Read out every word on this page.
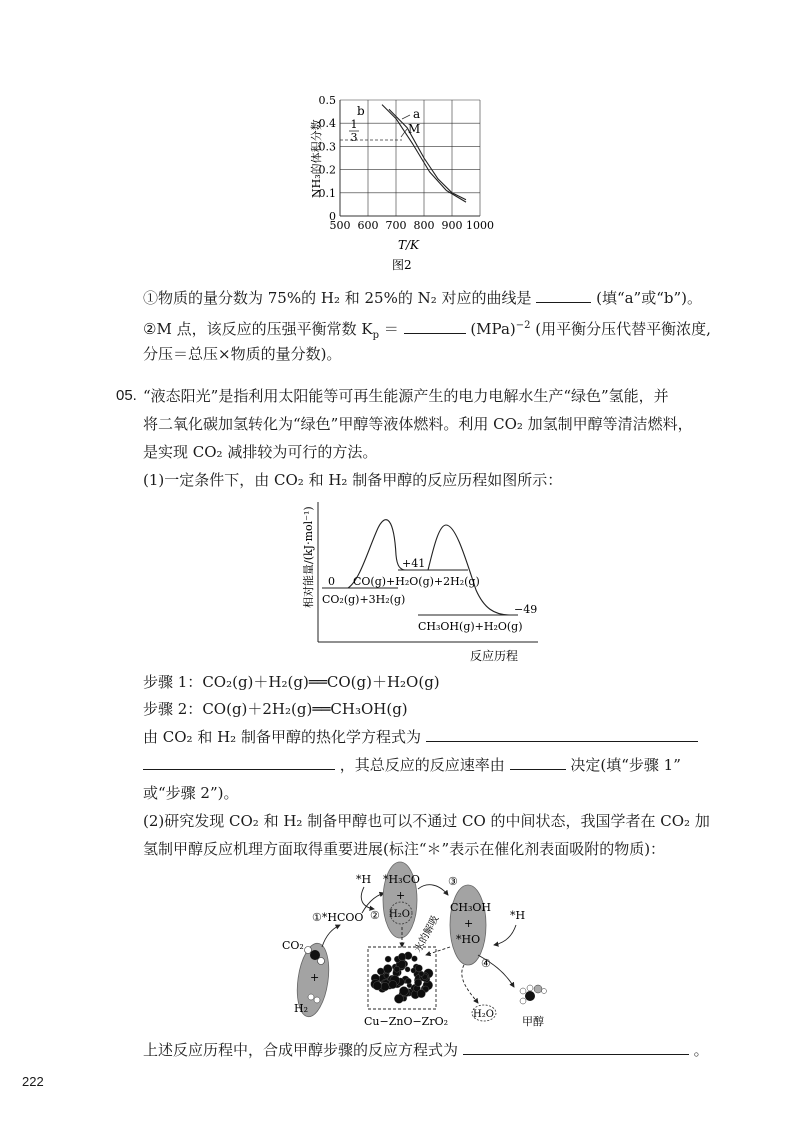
0.5
0.4
0.3
0.2
0.1
0
500 600 700 800 900 1000
1
3
b	a
M
NH₃的体积分数
T/K
图2
①物质的量分数为 75%的 H₂ 和 25%的 N₂ 对应的曲线是	(填“a”或“b”)。
②M 点，该反应的压强平衡常数 $K_p$ ＝	(MPa)$^{-2}$ (用平衡分压代替平衡浓度,
分压＝总压×物质的量分数)。
05. “液态阳光”是指利用太阳能等可再生能源产生的电力电解水生产“绿色”氢能，并
将二氧化碳加氢转化为“绿色”甲醇等液体燃料。利用 CO₂ 加氢制甲醇等清洁燃料，
是实现 CO₂ 减排较为可行的方法。
(1)一定条件下，由 CO₂ 和 H₂ 制备甲醇的反应历程如图所示：
相对能量/(kJ·mol⁻¹) 0
+41
−49
CO₂(g)+3H₂(g)
CO(g)+H₂O(g)+2H₂(g)
CH₃OH(g)+H₂O(g)
反应历程
步骤 1：CO₂(g)＋H₂(g)══CO(g)＋H₂O(g)
步骤 2：CO(g)＋2H₂(g)══CH₃OH(g)
由 CO₂ 和 H₂ 制备甲醇的热化学方程式为
，其总反应的反应速率由	决定(填“步骤 1”
或“步骤 2”)。
(2)研究发现 CO₂ 和 H₂ 制备甲醇也可以不通过 CO 的中间状态，我国学者在 CO₂ 加
氢制甲醇反应机理方面取得重要进展(标注“＊”表示在催化剂表面吸附的物质)：
CO₂
+
H₂
①*HCOO
*H
②
*H₃CO
+
H₂O
③
CH₃OH
+
*HO
*H
水的解吸
④
Cu−ZnO−ZrO₂
H₂O
甲醇
上述反应历程中，合成甲醇步骤的反应方程式为	。
222
